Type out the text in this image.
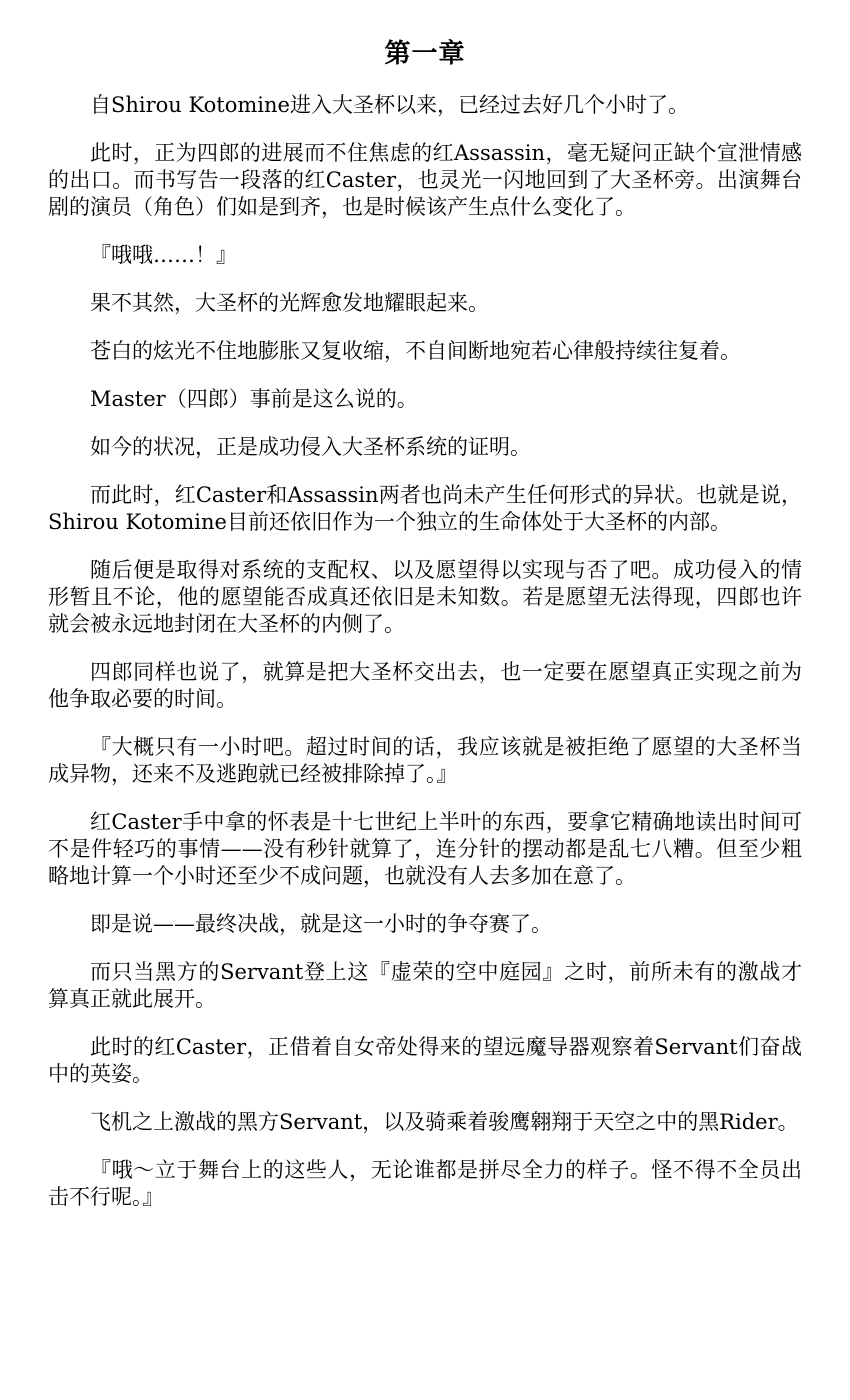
第一章

自Shirou Kotomine进入大圣杯以来，已经过去好几个小时了。

此时，正为四郎的进展而不住焦虑的红Assassin，毫无疑问正缺个宣泄情感的出口。而书写告一段落的红Caster，也灵光一闪地回到了大圣杯旁。出演舞台剧的演员（角色）们如是到齐，也是时候该产生点什么变化了。

『哦哦……！』

果不其然，大圣杯的光辉愈发地耀眼起来。

苍白的炫光不住地膨胀又复收缩，不自间断地宛若心律般持续往复着。

Master（四郎）事前是这么说的。

如今的状况，正是成功侵入大圣杯系统的证明。

而此时，红Caster和Assassin两者也尚未产生任何形式的异状。也就是说，Shirou Kotomine目前还依旧作为一个独立的生命体处于大圣杯的内部。

随后便是取得对系统的支配权、以及愿望得以实现与否了吧。成功侵入的情形暂且不论，他的愿望能否成真还依旧是未知数。若是愿望无法得现，四郎也许就会被永远地封闭在大圣杯的内侧了。

四郎同样也说了，就算是把大圣杯交出去，也一定要在愿望真正实现之前为他争取必要的时间。

『大概只有一小时吧。超过时间的话，我应该就是被拒绝了愿望的大圣杯当成异物，还来不及逃跑就已经被排除掉了。』

红Caster手中拿的怀表是十七世纪上半叶的东西，要拿它精确地读出时间可不是件轻巧的事情——没有秒针就算了，连分针的摆动都是乱七八糟。但至少粗略地计算一个小时还至少不成问题，也就没有人去多加在意了。

即是说——最终决战，就是这一小时的争夺赛了。

而只当黑方的Servant登上这『虚荣的空中庭园』之时，前所未有的激战才算真正就此展开。

此时的红Caster，正借着自女帝处得来的望远魔导器观察着Servant们奋战中的英姿。

飞机之上激战的黑方Servant，以及骑乘着骏鹰翱翔于天空之中的黑Rider。

『哦～立于舞台上的这些人，无论谁都是拼尽全力的样子。怪不得不全员出击不行呢。』
